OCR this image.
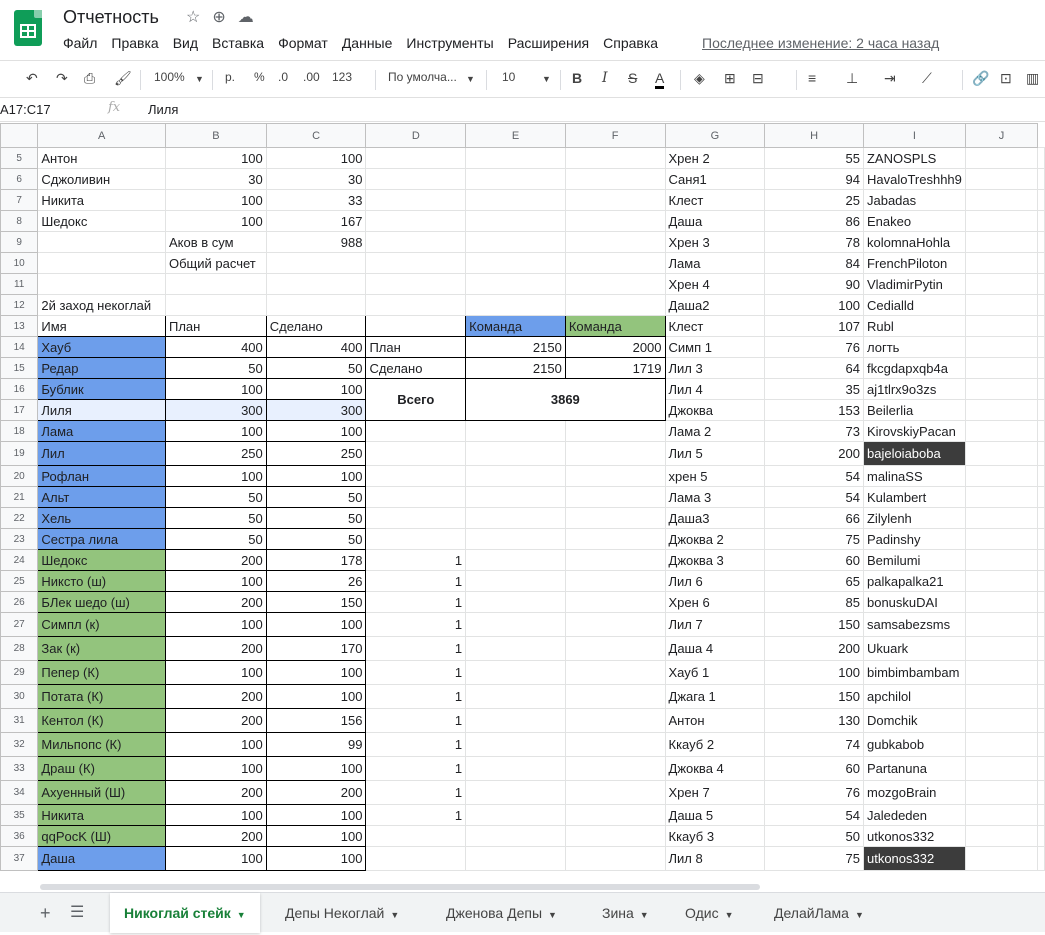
Отчетность ☆ ⊕ ☁
Файл	Правка	Вид	Вставка	Формат	Данные	Инструменты	Расширения	Справка	Последнее изменение: 2 часа назад
↶ ↷ ⎙ 🖌 100% ▼ р. % .0 .00 123	По умолча... ▼ 10	▼ B I S A ◈ ⊞ ⊟	≡ ⊥ ⇥ ⟋	🔗 ⊡ ▥
A17:C17	fx Лиля
	A	B	C	D	E	F	G	H	I	J	
5	Антон	100	100				Хрен 2	55	ZANOSPLS		
6	Сджоливин	30	30				Саня1	94	HavaloTreshhh9		
7	Никита	100	33				Клест	25	Jabadas		
8	Шедокс	100	167				Даша	86	Enakeo		
9		Аков в сум	988				Хрен 3	78	kolomnaHohla		
10		Общий расчет					Лама	84	FrenchPiloton		
11							Хрен 4	90	VladimirPytin		
12	2й заход некоглай						Даша2	100	Cedialld		
13	Имя	План	Сделано		Команда	Команда	Клест	107	Rubl		
14	Хауб	400	400	План	2150	2000	Симп 1	76	логть		
15	Редар	50	50	Сделано	2150	1719	Лил 3	64	fkcgdapxqb4a		
16	Бублик	100	100	Всего	3869		Лил 4	35	aj1tlrx9o3zs		
17	Лиля	300	300				Джоква	153	Beilerlia		
18	Лама	100	100				Лама 2	73	KirovskiyPacan		
19	Лил	250	250				Лил 5	200	bajeloiaboba		
20	Рофлан	100	100				хрен 5	54	malinaSS		
21	Альт	50	50				Лама 3	54	Kulambert		
22	Хель	50	50				Даша3	66	Zilylenh		
23	Сестра лила	50	50				Джоква 2	75	Padinshy		
24	Шедокс	200	178	1			Джоква 3	60	Bemilumi		
25	Никсто (ш)	100	26	1			Лил 6	65	palkapalka21		
26	БЛек шедо (ш)	200	150	1			Хрен 6	85	bonuskuDAI		
27	Симпл (к)	100	100	1			Лил 7	150	samsabezsms		
28	Зак (к)	200	170	1			Даша 4	200	Ukuark		
29	Пепер (К)	100	100	1			Хауб 1	100	bimbimbambam		
30	Потата (К)	200	100	1			Джага 1	150	apchilol		
31	Кентол (К)	200	156	1			Антон	130	Domchik		
32	Мильпопс (К)	100	99	1			Ккауб 2	74	gubkabob		
33	Драш (К)	100	100	1			Джоква 4	60	Partanuna		
34	Ахуенный (Ш)	200	200	1			Хрен 7	76	mozgoBrain		
35	Никита	100	100	1			Даша 5	54	Jalededen		
36	qqPocK (Ш)	200	100				Ккауб 3	50	utkonos332		
37	Даша	100	100				Лил 8	75	utkonos332		
+ ☰	Никоглай стейк ▼	Депы Некоглай ▼	Дженова Депы ▼	Зина ▼	Одис ▼	ДелайЛама ▼
